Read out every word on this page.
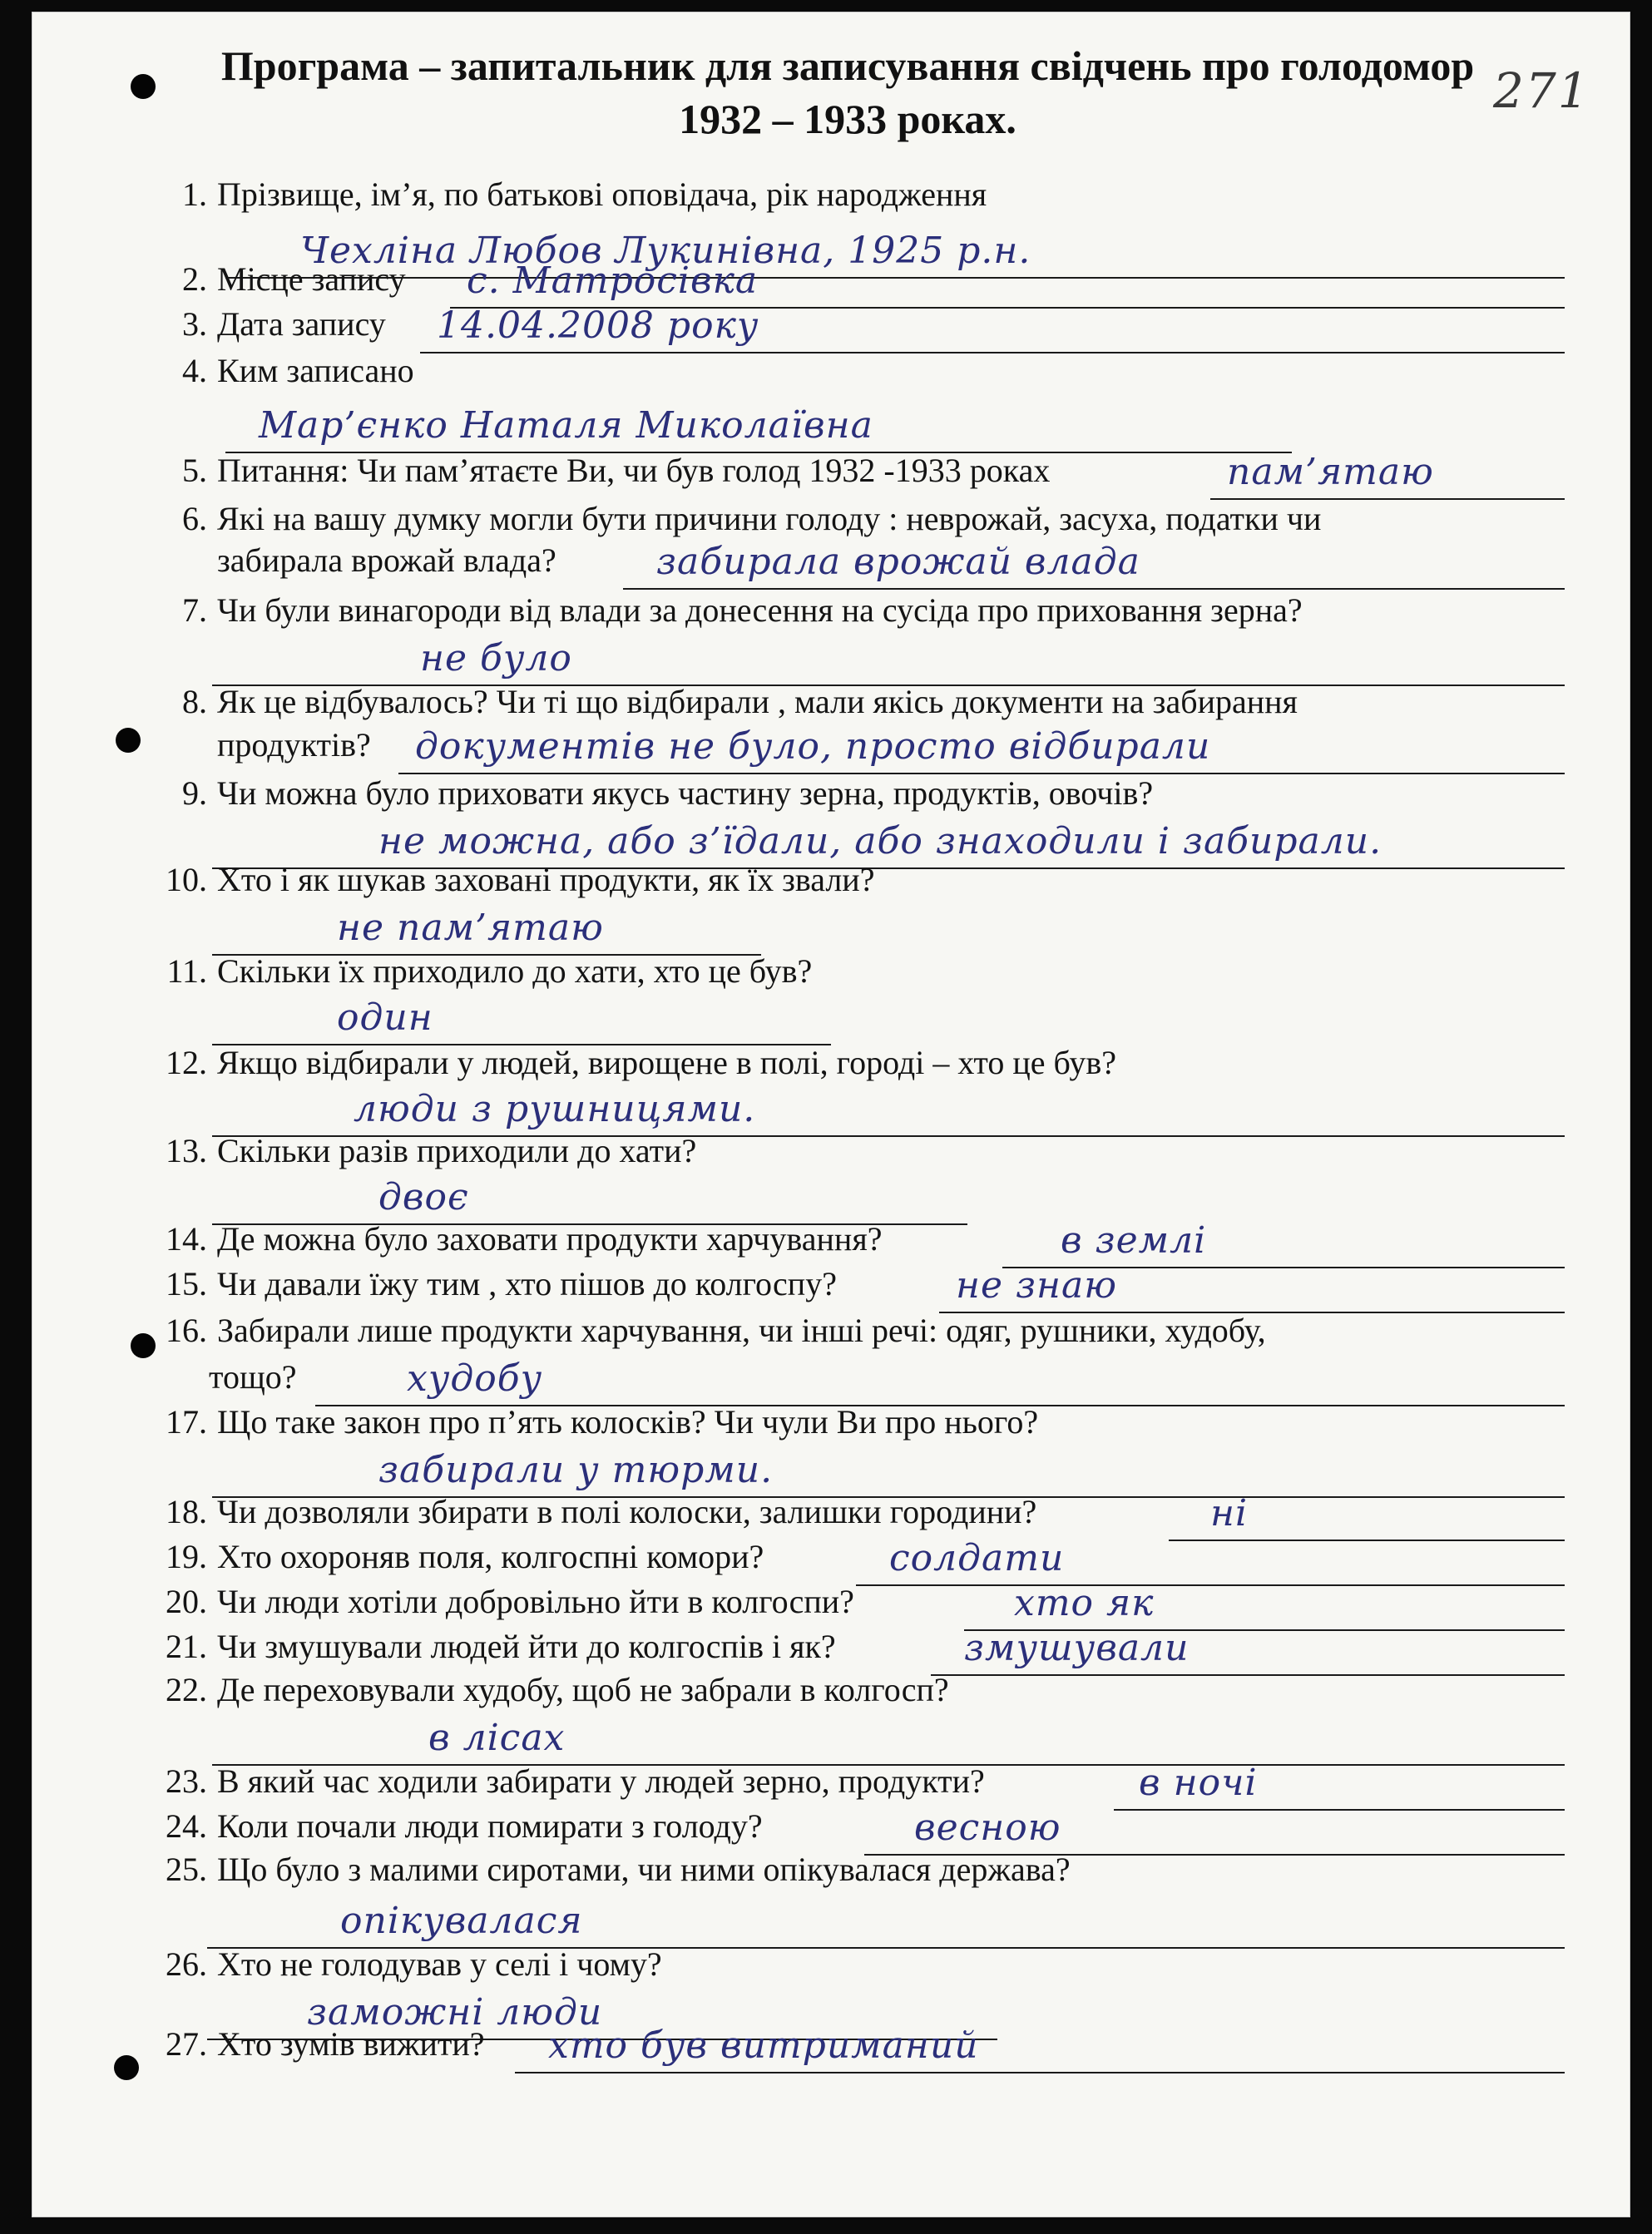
Програма – запитальник для записування свідчень про голодомор 1932 – 1933 роках.	271
1. Прізвище, ім’я, по батькові оповідача, рік народження
Чехліна Любов Лукинівна, 1925 р.н.
2. Місце запису с. Матросівка
3. Дата запису 14.04.2008 року
4. Ким записано
Мар’єнко Наталя Миколаївна
5. Питання: Чи пам’ятаєте Ви, чи був голод 1932 -1933 роках	пам’ятаю
6. Які на вашу думку могли бути причини голоду : неврожай, засуха, податки чи
забирала врожай влада?	забирала врожай влада
7. Чи були винагороди від влади за донесення на сусіда про приховання зерна?
не було
8. Як це відбувалось? Чи ті що відбирали , мали якісь документи на забирання
продуктів? документів не було, просто відбирали
9. Чи можна було приховати якусь частину зерна, продуктів, овочів?
не можна, або з’їдали, або знаходили і забирали.
10. Хто і як шукав заховані продукти, як їх звали?
не пам’ятаю
11. Скільки їх приходило до хати, хто це був?
один
12. Якщо відбирали у людей, вирощене в полі, городі – хто це був?
люди з рушницями.
13. Скільки разів приходили до хати?
двоє
14. Де можна було заховати продукти харчування?	в землі
15. Чи давали їжу тим , хто пішов до колгоспу?	не знаю
16. Забирали лише продукти харчування, чи інші речі: одяг, рушники, худобу,
тощо?	худобу
17. Що таке закон про п’ять колосків? Чи чули Ви про нього?
забирали у тюрми.
18. Чи дозволяли збирати в полі колоски, залишки городини?	ні
19. Хто охороняв поля, колгоспні комори?	солдати
20. Чи люди хотіли добровільно йти в колгоспи?	хто як
21. Чи змушували людей йти до колгоспів і як?	змушували
22. Де переховували худобу, щоб не забрали в колгосп?
в лісах
23. В який час ходили забирати у людей зерно, продукти?	в ночі
24. Коли почали люди помирати з голоду?	весною
25. Що було з малими сиротами, чи ними опікувалася держава?
опікувалася
26. Хто не голодував у селі і чому?
заможні люди
27. Хто зумів вижити? хто був витриманий
